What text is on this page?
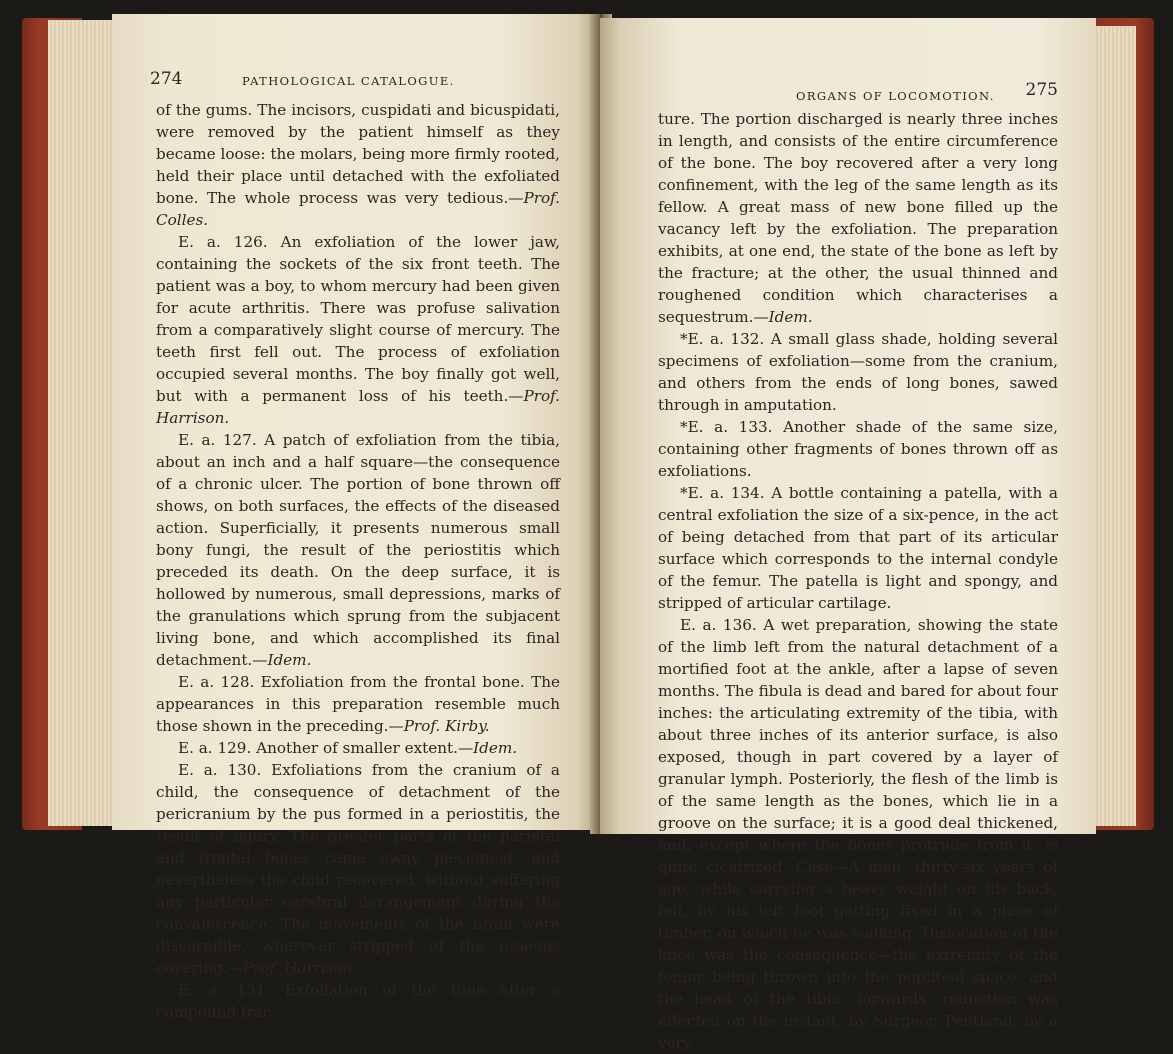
274	PATHOLOGICAL CATALOGUE.

of the gums. The incisors, cuspidati and bicuspidati, were removed by the patient himself as they became loose: the molars, being more firmly rooted, held their place until detached with the exfoliated bone. The whole process was very tedious.—Prof. Colles.

E. a. 126. An exfoliation of the lower jaw, containing the sockets of the six front teeth. The patient was a boy, to whom mercury had been given for acute arthritis. There was profuse salivation from a comparatively slight course of mercury. The teeth first fell out. The process of exfoliation occupied several months. The boy finally got well, but with a permanent loss of his teeth.—Prof. Harrison.

E. a. 127. A patch of exfoliation from the tibia, about an inch and a half square—the consequence of a chronic ulcer. The portion of bone thrown off shows, on both surfaces, the effects of the diseased action. Superficially, it presents numerous small bony fungi, the result of the periostitis which preceded its death. On the deep surface, it is hollowed by numerous, small depressions, marks of the granulations which sprung from the subjacent living bone, and which accomplished its final detachment.—Idem.

E. a. 128. Exfoliation from the frontal bone. The appearances in this preparation resemble much those shown in the preceding.—Prof. Kirby.

E. a. 129. Another of smaller extent.—Idem.

E. a. 130. Exfoliations from the cranium of a child, the consequence of detachment of the pericranium by the pus formed in a periostitis, the result of injury. The greater parts of the parietal and frontal bones came away piecemeal, and nevertheless the child recovered, without suffering any particular cerebral derangement during the convalescence. The movements of the brain were discernible, wherever stripped of the osseous covering.—Prof. Harrison.

E. a. 131. Exfoliation of the tibia after a compound frac-

ORGANS OF LOCOMOTION. 275

ture. The portion discharged is nearly three inches in length, and consists of the entire circumference of the bone. The boy recovered after a very long confinement, with the leg of the same length as its fellow. A great mass of new bone filled up the vacancy left by the exfoliation. The preparation exhibits, at one end, the state of the bone as left by the fracture; at the other, the usual thinned and roughened condition which characterises a sequestrum.—Idem.

*E. a. 132. A small glass shade, holding several specimens of exfoliation—some from the cranium, and others from the ends of long bones, sawed through in amputation.

*E. a. 133. Another shade of the same size, containing other fragments of bones thrown off as exfoliations.

*E. a. 134. A bottle containing a patella, with a central exfoliation the size of a six-pence, in the act of being detached from that part of its articular surface which corresponds to the internal condyle of the femur. The patella is light and spongy, and stripped of articular cartilage.

E. a. 136. A wet preparation, showing the state of the limb left from the natural detachment of a mortified foot at the ankle, after a lapse of seven months. The fibula is dead and bared for about four inches: the articulating extremity of the tibia, with about three inches of its anterior surface, is also exposed, though in part covered by a layer of granular lymph. Posteriorly, the flesh of the limb is of the same length as the bones, which lie in a groove on the surface; it is a good deal thickened, and, except where the bones protrude from it, is quite cicatrized. Case—A man, thirty-six years of age, while carrying a heavy weight on his back, fell, by his left foot getting fixed in a piece of timber, on which he was walking. Dislocation of the knee was the consequence—the extremity of the femur being thrown into the popliteal space, and the head of the tibia, forwards: reduction was effected on the instant, by Surgeon Pentland, by a very
